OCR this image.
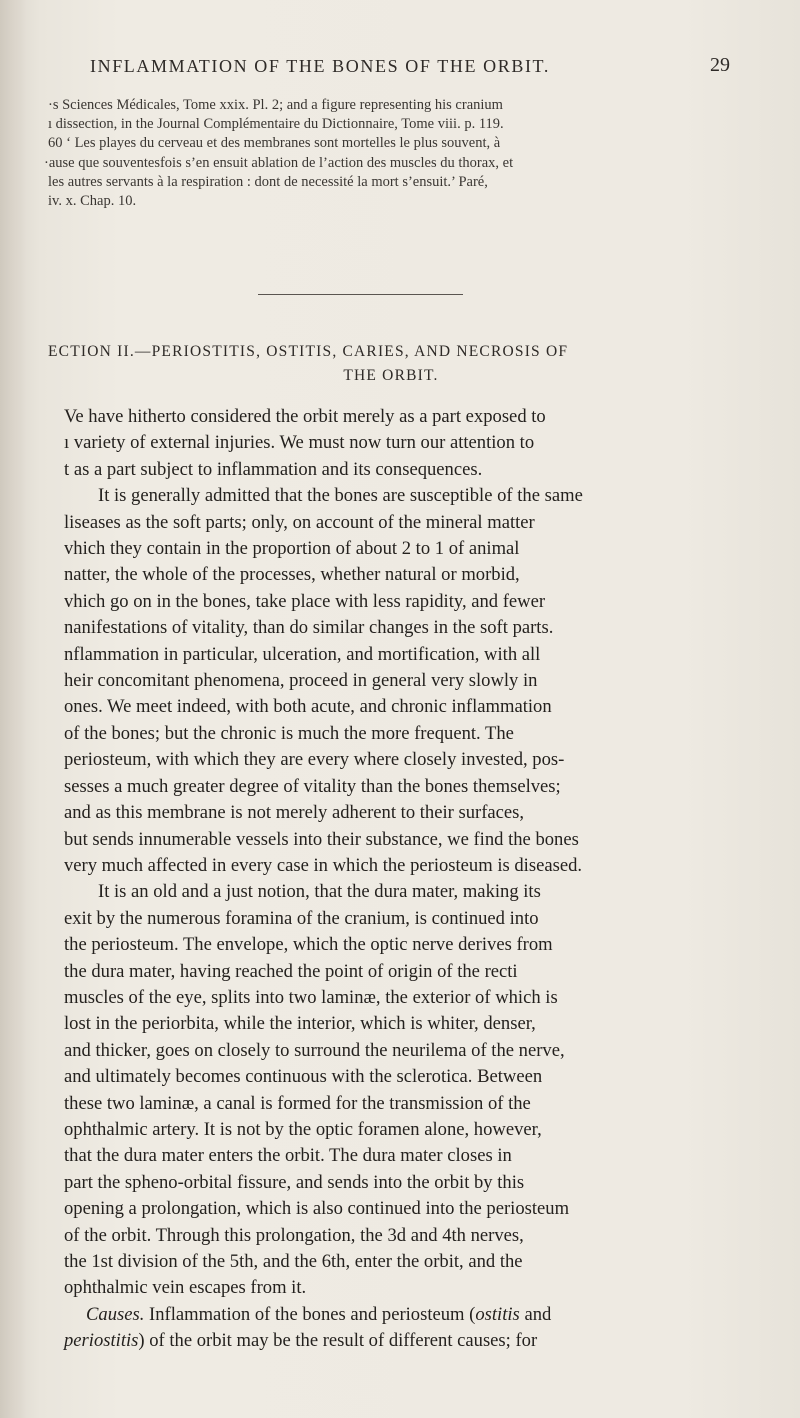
INFLAMMATION OF THE BONES OF THE ORBIT.	29

·s Sciences Médicales, Tome xxix. Pl. 2; and a figure representing his cranium

ı dissection, in the Journal Complémentaire du Dictionnaire, Tome viii. p. 119.

60 ‘ Les playes du cerveau et des membranes sont mortelles le plus souvent, à

·ause que souventesfois s’en ensuit ablation de l’action des muscles du thorax, et

les autres servants à la respiration : dont de necessité la mort s’ensuit.’ Paré,

iv. x. Chap. 10.

ECTION II.—PERIOSTITIS, OSTITIS, CARIES, AND NECROSIS OF
THE ORBIT.
Ve have hitherto considered the orbit merely as a part exposed to
ı variety of external injuries. We must now turn our attention to
t as a part subject to inflammation and its consequences.
It is generally admitted that the bones are susceptible of the same
liseases as the soft parts; only, on account of the mineral matter
vhich they contain in the proportion of about 2 to 1 of animal
natter, the whole of the processes, whether natural or morbid,
vhich go on in the bones, take place with less rapidity, and fewer
nanifestations of vitality, than do similar changes in the soft parts.
nflammation in particular, ulceration, and mortification, with all
heir concomitant phenomena, proceed in general very slowly in
ones. We meet indeed, with both acute, and chronic inflammation
of the bones; but the chronic is much the more frequent. The
periosteum, with which they are every where closely invested, pos-
sesses a much greater degree of vitality than the bones themselves;
and as this membrane is not merely adherent to their surfaces,
but sends innumerable vessels into their substance, we find the bones
very much affected in every case in which the periosteum is diseased.
It is an old and a just notion, that the dura mater, making its
exit by the numerous foramina of the cranium, is continued into
the periosteum. The envelope, which the optic nerve derives from
the dura mater, having reached the point of origin of the recti
muscles of the eye, splits into two laminæ, the exterior of which is
lost in the periorbita, while the interior, which is whiter, denser,
and thicker, goes on closely to surround the neurilema of the nerve,
and ultimately becomes continuous with the sclerotica. Between
these two laminæ, a canal is formed for the transmission of the
ophthalmic artery. It is not by the optic foramen alone, however,
that the dura mater enters the orbit. The dura mater closes in
part the spheno-orbital fissure, and sends into the orbit by this
opening a prolongation, which is also continued into the periosteum
of the orbit. Through this prolongation, the 3d and 4th nerves,
the 1st division of the 5th, and the 6th, enter the orbit, and the
ophthalmic vein escapes from it.
Causes. Inflammation of the bones and periosteum (ostitis and
periostitis) of the orbit may be the result of different causes; for
